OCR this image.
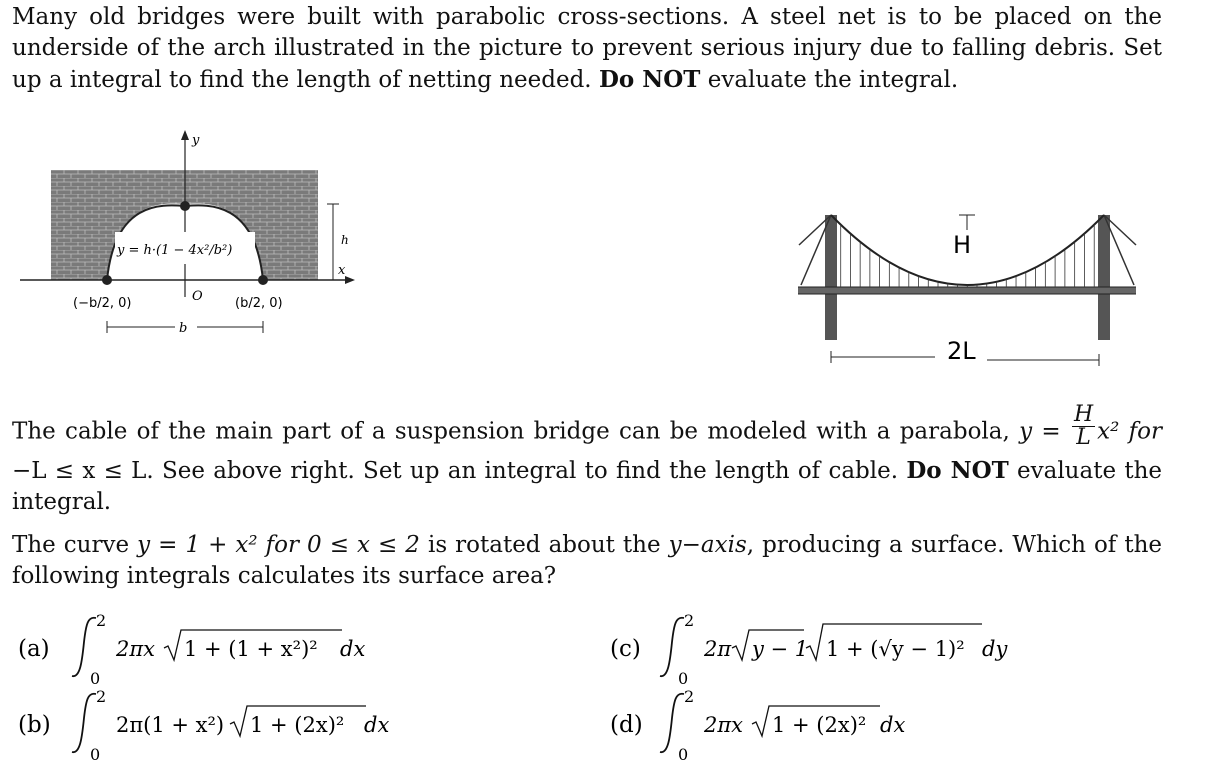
Many old bridges were built with parabolic cross-sections. A steel net is to be placed on the underside of the arch illustrated in the picture to prevent serious injury due to falling debris. Set up a integral to find the length of netting needed. Do NOT evaluate the integral.
y
x
y = h·(1 − 4x²/b²)
h
(−b/2, 0)	O (b/2, 0)
b
H
2L
The cable of the main part of a suspension bridge can be modeled with a parabola, $y = \frac{H}{L} x^2$ for −L ≤ x ≤ L. See above right. Set up an integral to find the length of cable. Do NOT evaluate the integral.
The curve y = 1 + x² for 0 ≤ x ≤ 2 is rotated about the y−axis, producing a surface. Which of the following integrals calculates its surface area?
(a)
2
0
2πx 1 + (1 + x²)² dx
(b)
2
0
2π(1 + x²) 1 + (2x)² dx
(c)
2
0
2π y − 1 1 + (√y − 1)² dy
(d)
2
0
2πx 1 + (2x)² dx
